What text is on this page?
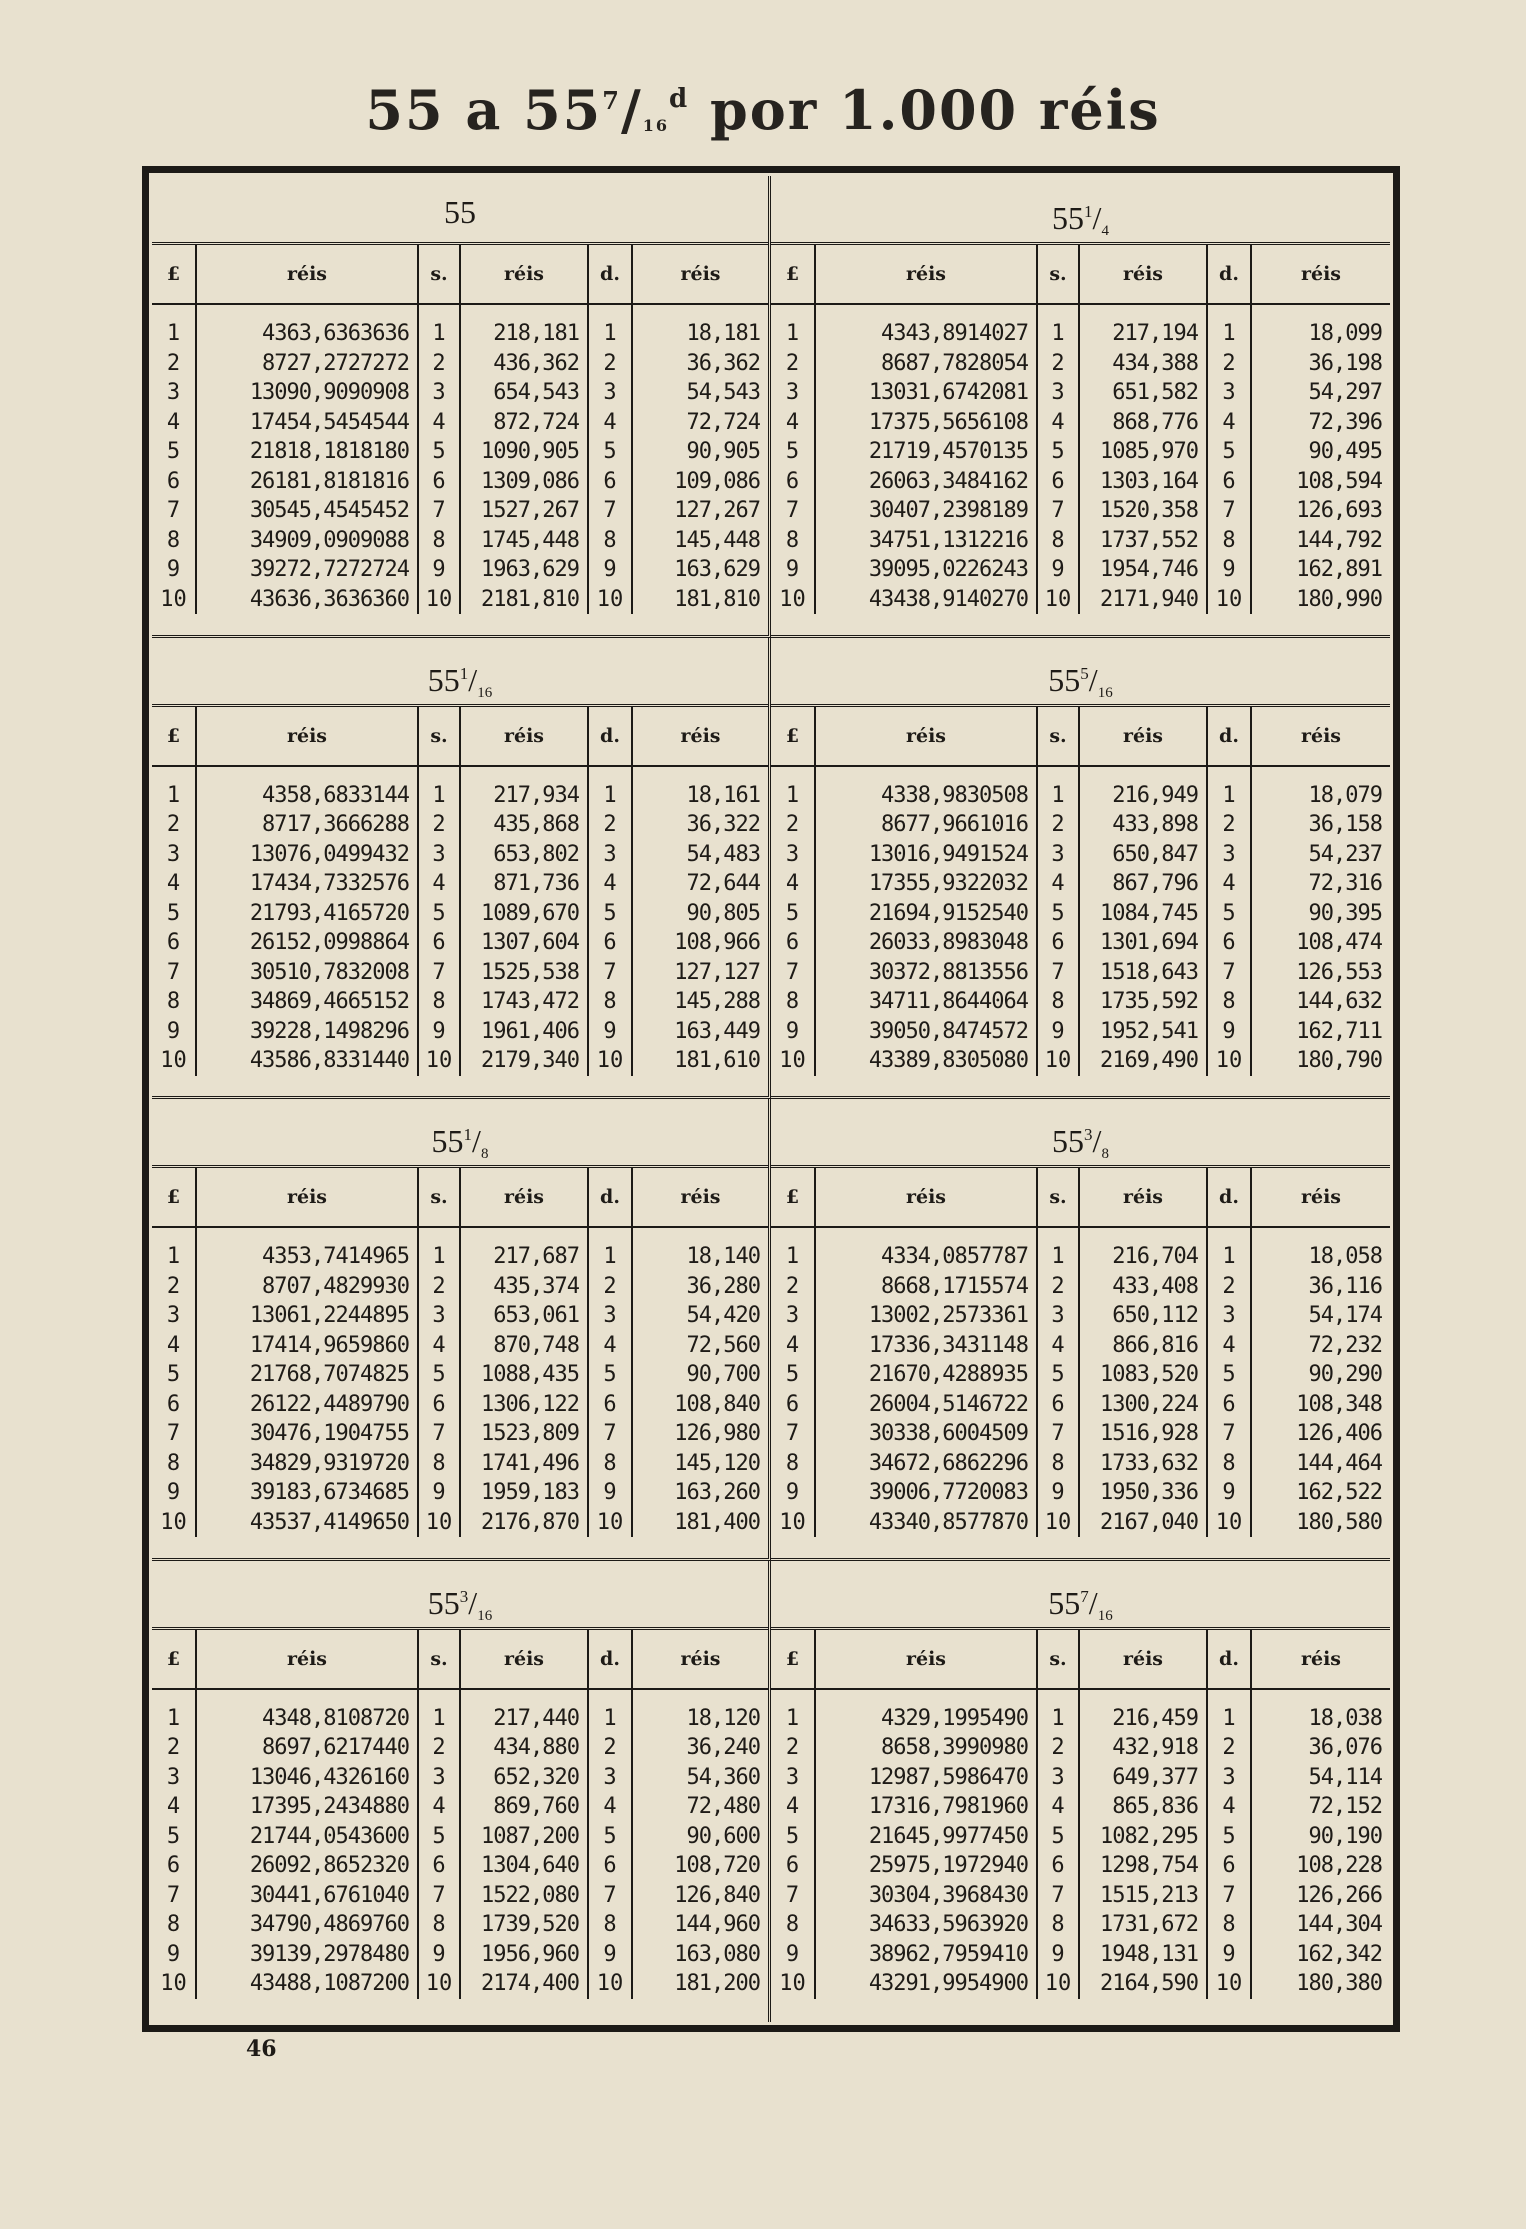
55 a $55^7/16^d$ por 1.000 réis
55
£	réis	s.	réis	d.	réis
1	4363,6363636	1	218,181	1	18,181
2	8727,2727272	2	436,362	2	36,362
3	13090,9090908	3	654,543	3	54,543
4	17454,5454544	4	872,724	4	72,724
5	21818,1818180	5	1090,905	5	90,905
6	26181,8181816	6	1309,086	6	109,086
7	30545,4545452	7	1527,267	7	127,267
8	34909,0909088	8	1745,448	8	145,448
9	39272,7272724	9	1963,629	9	163,629
10	43636,3636360	10	2181,810	10	181,810
$55^1/_4$
£	réis	s.	réis	d.	réis
1	4343,8914027	1	217,194	1	18,099
2	8687,7828054	2	434,388	2	36,198
3	13031,6742081	3	651,582	3	54,297
4	17375,5656108	4	868,776	4	72,396
5	21719,4570135	5	1085,970	5	90,495
6	26063,3484162	6	1303,164	6	108,594
7	30407,2398189	7	1520,358	7	126,693
8	34751,1312216	8	1737,552	8	144,792
9	39095,0226243	9	1954,746	9	162,891
10	43438,9140270	10	2171,940	10	180,990
$55^1/_{16}$
£	réis	s.	réis	d.	réis
1	4358,6833144	1	217,934	1	18,161
2	8717,3666288	2	435,868	2	36,322
3	13076,0499432	3	653,802	3	54,483
4	17434,7332576	4	871,736	4	72,644
5	21793,4165720	5	1089,670	5	90,805
6	26152,0998864	6	1307,604	6	108,966
7	30510,7832008	7	1525,538	7	127,127
8	34869,4665152	8	1743,472	8	145,288
9	39228,1498296	9	1961,406	9	163,449
10	43586,8331440	10	2179,340	10	181,610
$55^5/_{16}$
£	réis	s.	réis	d.	réis
1	4338,9830508	1	216,949	1	18,079
2	8677,9661016	2	433,898	2	36,158
3	13016,9491524	3	650,847	3	54,237
4	17355,9322032	4	867,796	4	72,316
5	21694,9152540	5	1084,745	5	90,395
6	26033,8983048	6	1301,694	6	108,474
7	30372,8813556	7	1518,643	7	126,553
8	34711,8644064	8	1735,592	8	144,632
9	39050,8474572	9	1952,541	9	162,711
10	43389,8305080	10	2169,490	10	180,790
$55^1/_8$
£	réis	s.	réis	d.	réis
1	4353,7414965	1	217,687	1	18,140
2	8707,4829930	2	435,374	2	36,280
3	13061,2244895	3	653,061	3	54,420
4	17414,9659860	4	870,748	4	72,560
5	21768,7074825	5	1088,435	5	90,700
6	26122,4489790	6	1306,122	6	108,840
7	30476,1904755	7	1523,809	7	126,980
8	34829,9319720	8	1741,496	8	145,120
9	39183,6734685	9	1959,183	9	163,260
10	43537,4149650	10	2176,870	10	181,400
$55^3/_8$
£	réis	s.	réis	d.	réis
1	4334,0857787	1	216,704	1	18,058
2	8668,1715574	2	433,408	2	36,116
3	13002,2573361	3	650,112	3	54,174
4	17336,3431148	4	866,816	4	72,232
5	21670,4288935	5	1083,520	5	90,290
6	26004,5146722	6	1300,224	6	108,348
7	30338,6004509	7	1516,928	7	126,406
8	34672,6862296	8	1733,632	8	144,464
9	39006,7720083	9	1950,336	9	162,522
10	43340,8577870	10	2167,040	10	180,580
$55^3/_{16}$
£	réis	s.	réis	d.	réis
1	4348,8108720	1	217,440	1	18,120
2	8697,6217440	2	434,880	2	36,240
3	13046,4326160	3	652,320	3	54,360
4	17395,2434880	4	869,760	4	72,480
5	21744,0543600	5	1087,200	5	90,600
6	26092,8652320	6	1304,640	6	108,720
7	30441,6761040	7	1522,080	7	126,840
8	34790,4869760	8	1739,520	8	144,960
9	39139,2978480	9	1956,960	9	163,080
10	43488,1087200	10	2174,400	10	181,200
$55^7/_{16}$
£	réis	s.	réis	d.	réis
1	4329,1995490	1	216,459	1	18,038
2	8658,3990980	2	432,918	2	36,076
3	12987,5986470	3	649,377	3	54,114
4	17316,7981960	4	865,836	4	72,152
5	21645,9977450	5	1082,295	5	90,190
6	25975,1972940	6	1298,754	6	108,228
7	30304,3968430	7	1515,213	7	126,266
8	34633,5963920	8	1731,672	8	144,304
9	38962,7959410	9	1948,131	9	162,342
10	43291,9954900	10	2164,590	10	180,380
46
